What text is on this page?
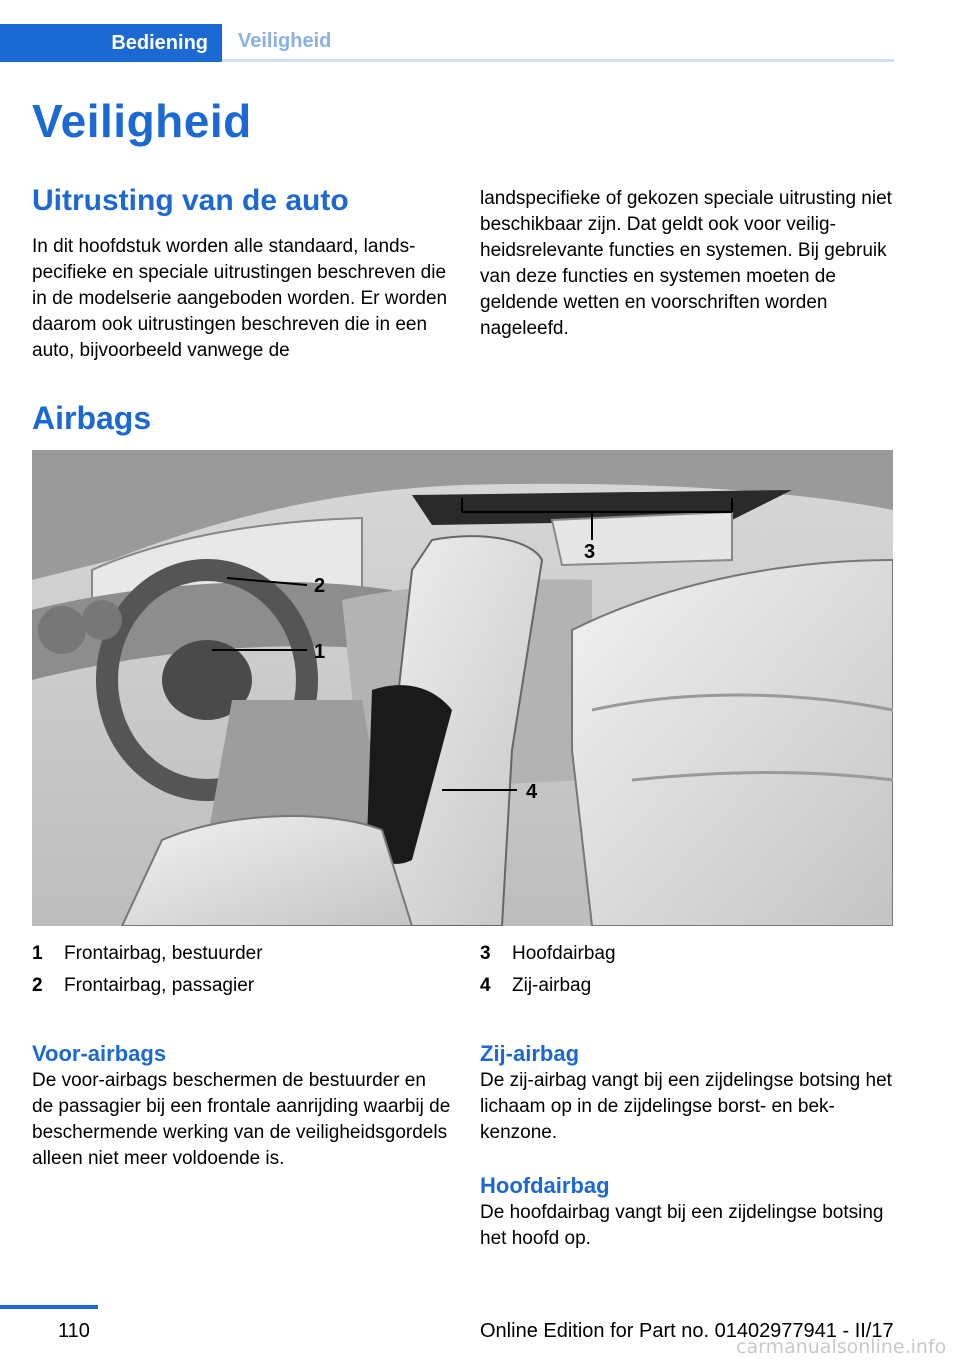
Bediening	Veiligheid
Veiligheid
Uitrusting van de auto

In dit hoofdstuk worden alle standaard, landspecifieke en speciale uitrustingen beschreven die in de modelserie aangeboden worden. Er worden daarom ook uitrustingen beschreven die in een auto, bijvoorbeeld vanwege de

landspecifieke of gekozen speciale uitrusting niet beschikbaar zijn. Dat geldt ook voor veiligheidsrelevante functies en systemen. Bij gebruik van deze functies en systemen moeten de geldende wetten en voorschriften worden nageleefd.

Airbags
1
2
3
4
1	Frontairbag, bestuurder
2	Frontairbag, passagier
3	Hoofdairbag
4	Zij-airbag
Voor-airbags

De voor-airbags beschermen de bestuurder en de passagier bij een frontale aanrijding waarbij de beschermende werking van de veiligheidsgordels alleen niet meer voldoende is.

Zij-airbag

De zij-airbag vangt bij een zijdelingse botsing het lichaam op in de zijdelingse borst- en bekkenzone.

Hoofdairbag

De hoofdairbag vangt bij een zijdelingse botsing het hoofd op.

110	Online Edition for Part no. 01402977941 - II/17
carmanualsonline.info
